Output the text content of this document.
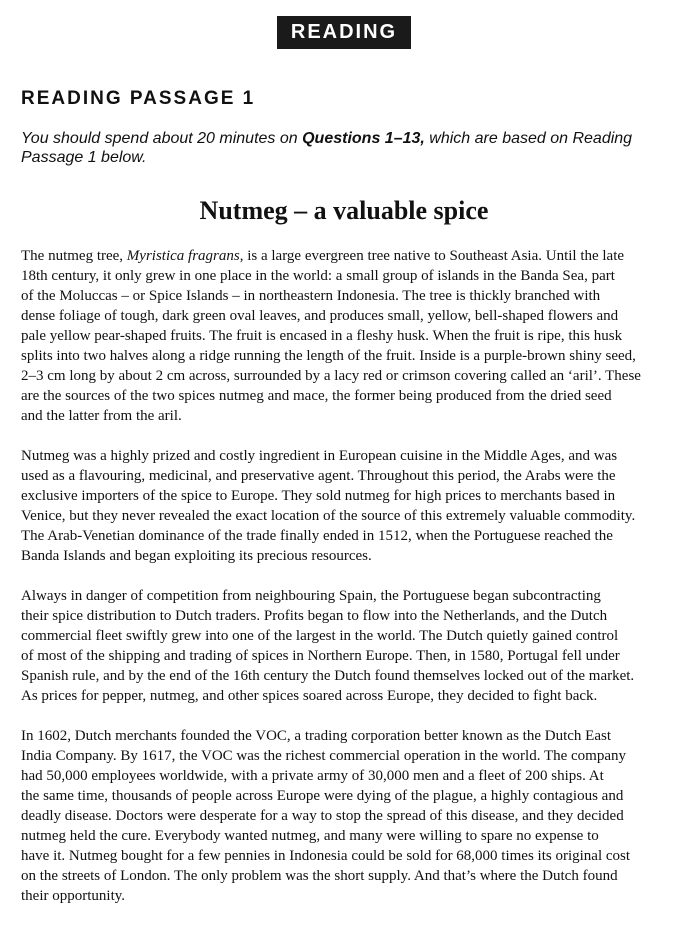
READING
READING PASSAGE 1

You should spend about 20 minutes on Questions 1–13, which are based on Reading
Passage 1 below.

Nutmeg – a valuable spice

The nutmeg tree, Myristica fragrans, is a large evergreen tree native to Southeast Asia. Until the late
18th century, it only grew in one place in the world: a small group of islands in the Banda Sea, part
of the Moluccas – or Spice Islands – in northeastern Indonesia. The tree is thickly branched with
dense foliage of tough, dark green oval leaves, and produces small, yellow, bell-shaped flowers and
pale yellow pear-shaped fruits. The fruit is encased in a fleshy husk. When the fruit is ripe, this husk
splits into two halves along a ridge running the length of the fruit. Inside is a purple-brown shiny seed,
2–3 cm long by about 2 cm across, surrounded by a lacy red or crimson covering called an ‘aril’. These
are the sources of the two spices nutmeg and mace, the former being produced from the dried seed
and the latter from the aril.

Nutmeg was a highly prized and costly ingredient in European cuisine in the Middle Ages, and was
used as a flavouring, medicinal, and preservative agent. Throughout this period, the Arabs were the
exclusive importers of the spice to Europe. They sold nutmeg for high prices to merchants based in
Venice, but they never revealed the exact location of the source of this extremely valuable commodity.
The Arab-Venetian dominance of the trade finally ended in 1512, when the Portuguese reached the
Banda Islands and began exploiting its precious resources.

Always in danger of competition from neighbouring Spain, the Portuguese began subcontracting
their spice distribution to Dutch traders. Profits began to flow into the Netherlands, and the Dutch
commercial fleet swiftly grew into one of the largest in the world. The Dutch quietly gained control
of most of the shipping and trading of spices in Northern Europe. Then, in 1580, Portugal fell under
Spanish rule, and by the end of the 16th century the Dutch found themselves locked out of the market.
As prices for pepper, nutmeg, and other spices soared across Europe, they decided to fight back.

In 1602, Dutch merchants founded the VOC, a trading corporation better known as the Dutch East
India Company. By 1617, the VOC was the richest commercial operation in the world. The company
had 50,000 employees worldwide, with a private army of 30,000 men and a fleet of 200 ships. At
the same time, thousands of people across Europe were dying of the plague, a highly contagious and
deadly disease. Doctors were desperate for a way to stop the spread of this disease, and they decided
nutmeg held the cure. Everybody wanted nutmeg, and many were willing to spare no expense to
have it. Nutmeg bought for a few pennies in Indonesia could be sold for 68,000 times its original cost
on the streets of London. The only problem was the short supply. And that’s where the Dutch found
their opportunity.
